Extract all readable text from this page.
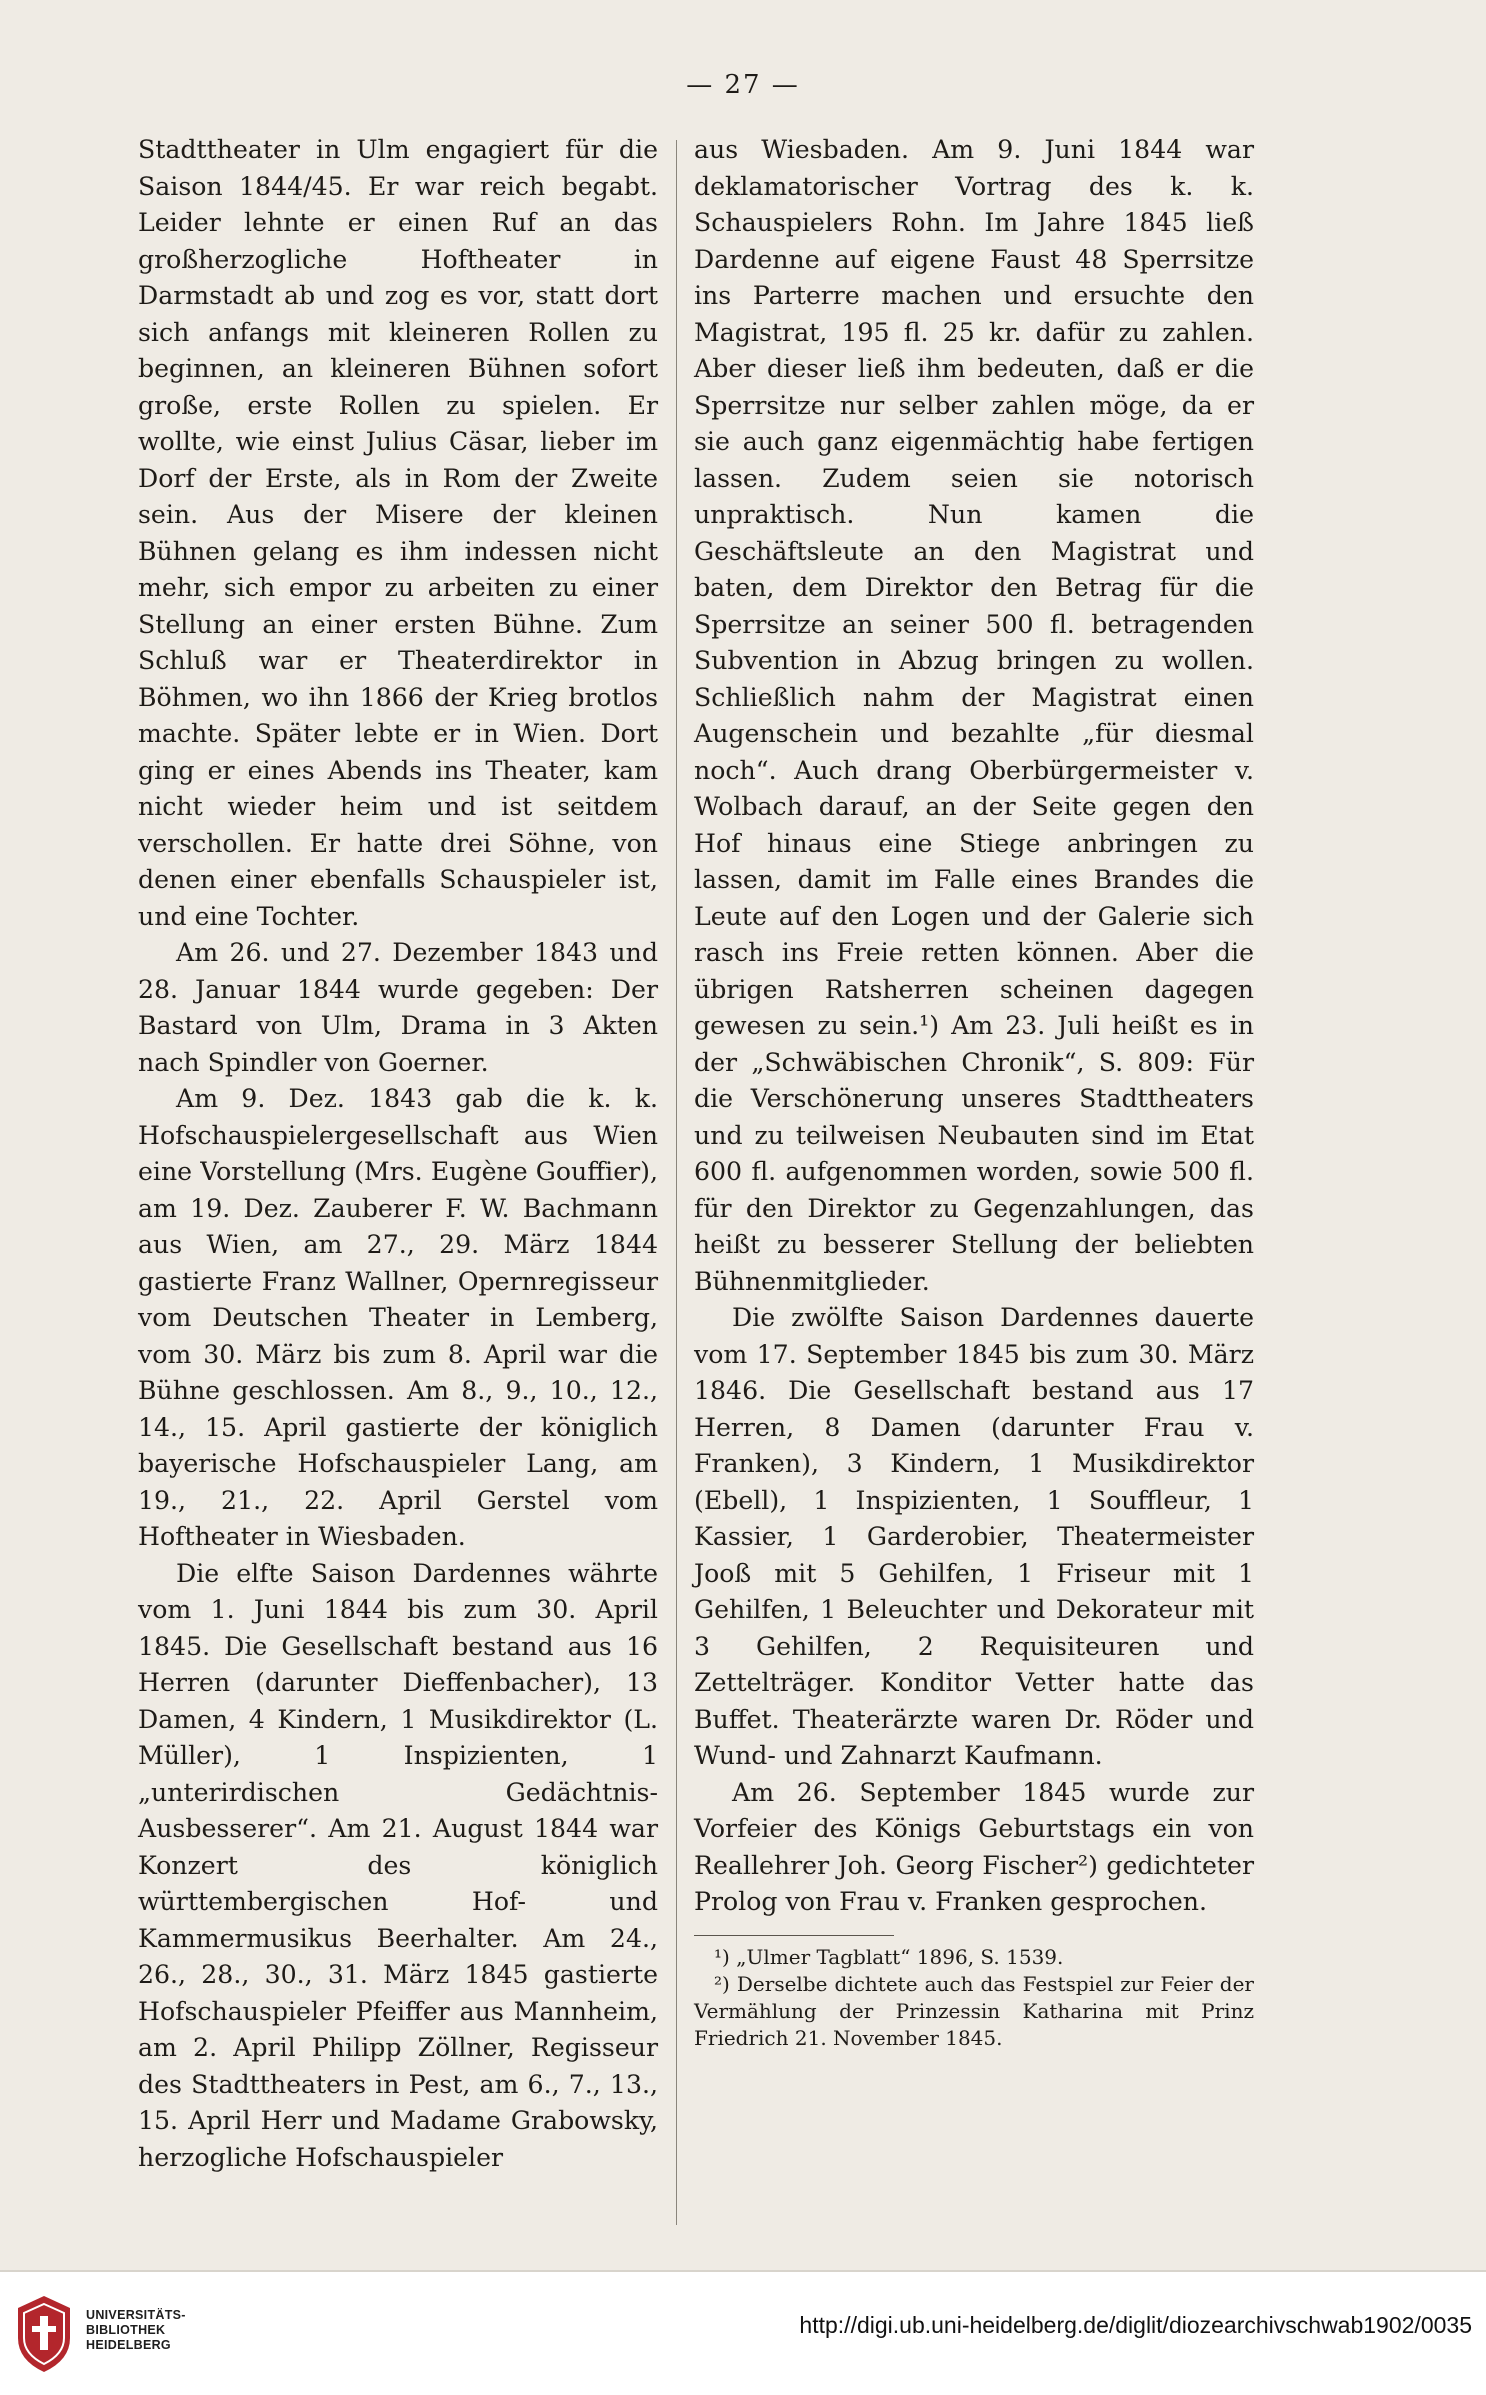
— 27 —

Stadttheater in Ulm engagiert für die Saison 1844/45. Er war reich begabt. Leider lehnte er einen Ruf an das großherzogliche Hoftheater in Darmstadt ab und zog es vor, statt dort sich anfangs mit kleineren Rollen zu beginnen, an kleineren Bühnen sofort große, erste Rollen zu spielen. Er wollte, wie einst Julius Cäsar, lieber im Dorf der Erste, als in Rom der Zweite sein. Aus der Misere der kleinen Bühnen gelang es ihm indessen nicht mehr, sich empor zu arbeiten zu einer Stellung an einer ersten Bühne. Zum Schluß war er Theaterdirektor in Böhmen, wo ihn 1866 der Krieg brotlos machte. Später lebte er in Wien. Dort ging er eines Abends ins Theater, kam nicht wieder heim und ist seitdem verschollen. Er hatte drei Söhne, von denen einer ebenfalls Schauspieler ist, und eine Tochter.

Am 26. und 27. Dezember 1843 und 28. Januar 1844 wurde gegeben: Der Bastard von Ulm, Drama in 3 Akten nach Spindler von Goerner.

Am 9. Dez. 1843 gab die k. k. Hofschauspielergesellschaft aus Wien eine Vorstellung (Mrs. Eugène Gouffier), am 19. Dez. Zauberer F. W. Bachmann aus Wien, am 27., 29. März 1844 gastierte Franz Wallner, Opernregisseur vom Deutschen Theater in Lemberg, vom 30. März bis zum 8. April war die Bühne geschlossen. Am 8., 9., 10., 12., 14., 15. April gastierte der königlich bayerische Hofschauspieler Lang, am 19., 21., 22. April Gerstel vom Hoftheater in Wiesbaden.

Die elfte Saison Dardennes währte vom 1. Juni 1844 bis zum 30. April 1845. Die Gesellschaft bestand aus 16 Herren (darunter Dieffenbacher), 13 Damen, 4 Kindern, 1 Musikdirektor (L. Müller), 1 Inspizienten, 1 „unterirdischen Gedächtnis-Ausbesserer“. Am 21. August 1844 war Konzert des königlich württembergischen Hof- und Kammermusikus Beerhalter. Am 24., 26., 28., 30., 31. März 1845 gastierte Hofschauspieler Pfeiffer aus Mannheim, am 2. April Philipp Zöllner, Regisseur des Stadttheaters in Pest, am 6., 7., 13., 15. April Herr und Madame Grabowsky, herzogliche Hofschauspieler

aus Wiesbaden. Am 9. Juni 1844 war deklamatorischer Vortrag des k. k. Schauspielers Rohn. Im Jahre 1845 ließ Dardenne auf eigene Faust 48 Sperrsitze ins Parterre machen und ersuchte den Magistrat, 195 fl. 25 kr. dafür zu zahlen. Aber dieser ließ ihm bedeuten, daß er die Sperrsitze nur selber zahlen möge, da er sie auch ganz eigenmächtig habe fertigen lassen. Zudem seien sie notorisch unpraktisch. Nun kamen die Geschäftsleute an den Magistrat und baten, dem Direktor den Betrag für die Sperrsitze an seiner 500 fl. betragenden Subvention in Abzug bringen zu wollen. Schließlich nahm der Magistrat einen Augenschein und bezahlte „für diesmal noch“. Auch drang Oberbürgermeister v. Wolbach darauf, an der Seite gegen den Hof hinaus eine Stiege anbringen zu lassen, damit im Falle eines Brandes die Leute auf den Logen und der Galerie sich rasch ins Freie retten können. Aber die übrigen Ratsherren scheinen dagegen gewesen zu sein.¹) Am 23. Juli heißt es in der „Schwäbischen Chronik“, S. 809: Für die Verschönerung unseres Stadttheaters und zu teilweisen Neubauten sind im Etat 600 fl. aufgenommen worden, sowie 500 fl. für den Direktor zu Gegenzahlungen, das heißt zu besserer Stellung der beliebten Bühnenmitglieder.

Die zwölfte Saison Dardennes dauerte vom 17. September 1845 bis zum 30. März 1846. Die Gesellschaft bestand aus 17 Herren, 8 Damen (darunter Frau v. Franken), 3 Kindern, 1 Musikdirektor (Ebell), 1 Inspizienten, 1 Souffleur, 1 Kassier, 1 Garderobier, Theatermeister Jooß mit 5 Gehilfen, 1 Friseur mit 1 Gehilfen, 1 Beleuchter und Dekorateur mit 3 Gehilfen, 2 Requisiteuren und Zettelträger. Konditor Vetter hatte das Buffet. Theaterärzte waren Dr. Röder und Wund- und Zahnarzt Kaufmann.

Am 26. September 1845 wurde zur Vorfeier des Königs Geburtstags ein von Reallehrer Joh. Georg Fischer²) gedichteter Prolog von Frau v. Franken gesprochen.

¹) „Ulmer Tagblatt“ 1896, S. 1539.

²) Derselbe dichtete auch das Festspiel zur Feier der Vermählung der Prinzessin Katharina mit Prinz Friedrich 21. November 1845.

UNIVERSITÄTS-
BIBLIOTHEK
HEIDELBERG
http://digi.ub.uni-heidelberg.de/diglit/diozearchivschwab1902/0035
